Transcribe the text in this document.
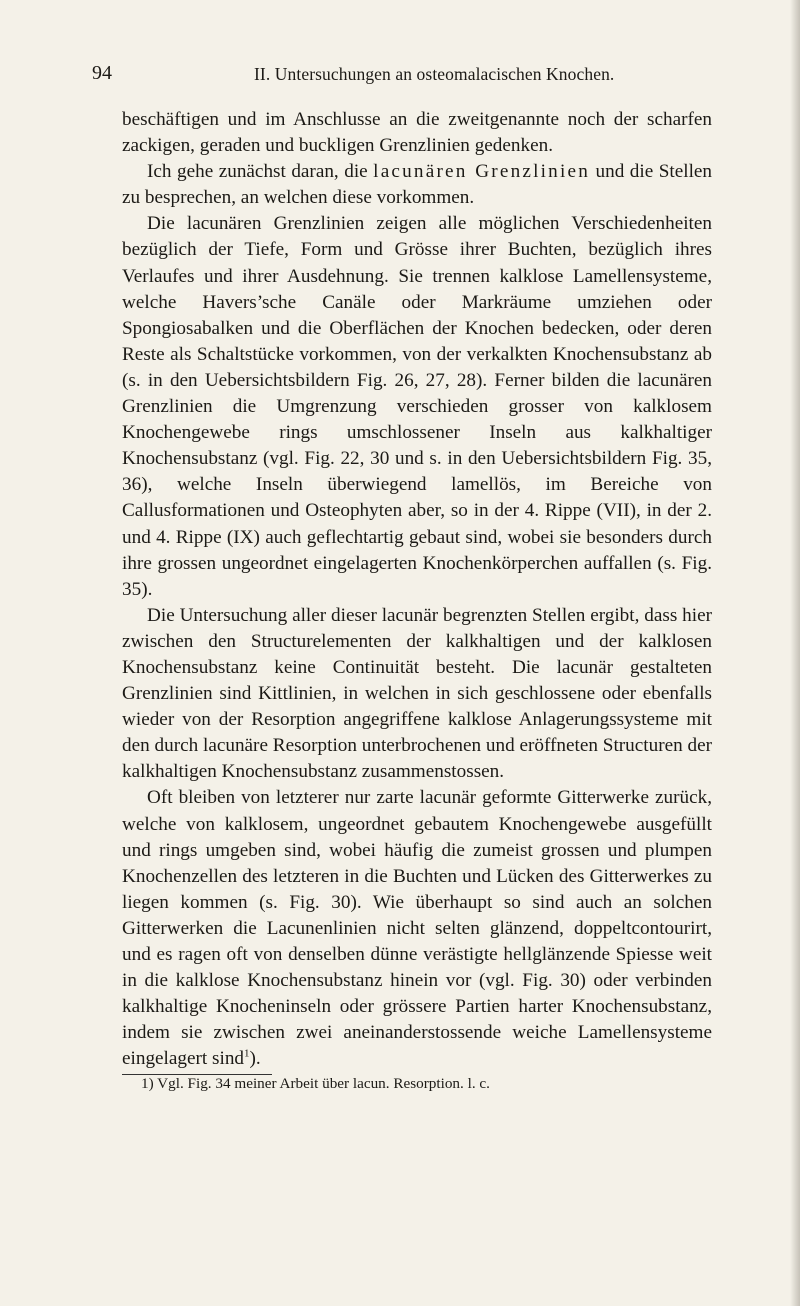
94	II. Untersuchungen an osteomalacischen Knochen.

beschäftigen und im Anschlusse an die zweitgenannte noch der scharfen zackigen, geraden und buckligen Grenzlinien gedenken.

Ich gehe zunächst daran, die lacunären Grenzlinien und die Stellen zu besprechen, an welchen diese vorkommen.

Die lacunären Grenzlinien zeigen alle möglichen Verschiedenheiten bezüglich der Tiefe, Form und Grösse ihrer Buchten, bezüglich ihres Verlaufes und ihrer Ausdehnung. Sie trennen kalklose Lamellensysteme, welche Havers’sche Canäle oder Markräume umziehen oder Spongiosabalken und die Oberflächen der Knochen bedecken, oder deren Reste als Schaltstücke vorkommen, von der verkalkten Knochensubstanz ab (s. in den Uebersichtsbildern Fig. 26, 27, 28). Ferner bilden die lacunären Grenzlinien die Umgrenzung verschieden grosser von kalklosem Knochengewebe rings umschlossener Inseln aus kalkhaltiger Knochensubstanz (vgl. Fig. 22, 30 und s. in den Uebersichtsbildern Fig. 35, 36), welche Inseln überwiegend lamellös, im Bereiche von Callusformationen und Osteophyten aber, so in der 4. Rippe (VII), in der 2. und 4. Rippe (IX) auch geflechtartig gebaut sind, wobei sie besonders durch ihre grossen ungeordnet eingelagerten Knochenkörperchen auffallen (s. Fig. 35).

Die Untersuchung aller dieser lacunär begrenzten Stellen ergibt, dass hier zwischen den Structurelementen der kalkhaltigen und der kalklosen Knochensubstanz keine Continuität besteht. Die lacunär gestalteten Grenzlinien sind Kittlinien, in welchen in sich geschlossene oder ebenfalls wieder von der Resorption angegriffene kalklose Anlagerungssysteme mit den durch lacunäre Resorption unterbrochenen und eröffneten Structuren der kalkhaltigen Knochensubstanz zusammenstossen.

Oft bleiben von letzterer nur zarte lacunär geformte Gitterwerke zurück, welche von kalklosem, ungeordnet gebautem Knochengewebe ausgefüllt und rings umgeben sind, wobei häufig die zumeist grossen und plumpen Knochenzellen des letzteren in die Buchten und Lücken des Gitterwerkes zu liegen kommen (s. Fig. 30). Wie überhaupt so sind auch an solchen Gitterwerken die Lacunenlinien nicht selten glänzend, doppeltcontourirt, und es ragen oft von denselben dünne verästigte hellglänzende Spiesse weit in die kalklose Knochensubstanz hinein vor (vgl. Fig. 30) oder verbinden kalkhaltige Knocheninseln oder grössere Partien harter Knochensubstanz, indem sie zwischen zwei aneinanderstossende weiche Lamellensysteme eingelagert sind$^1$).

1) Vgl. Fig. 34 meiner Arbeit über lacun. Resorption. l. c.
